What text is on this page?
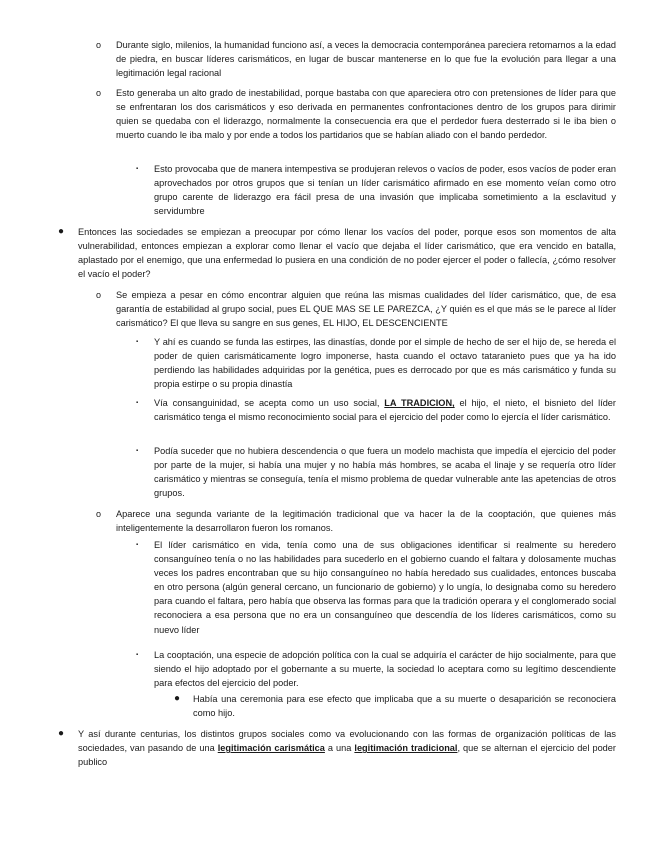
o Durante siglo, milenios, la humanidad funciono así, a veces la democracia contemporánea pareciera retomarnos a la edad de piedra, en buscar líderes carismáticos, en lugar de buscar mantenerse en lo que fue la evolución para llegar a una legitimación legal racional

o Esto generaba un alto grado de inestabilidad, porque bastaba con que apareciera otro con pretensiones de líder para que se enfrentaran los dos carismáticos y eso derivada en permanentes confrontaciones dentro de los grupos para dirimir quien se quedaba con el liderazgo, normalmente la consecuencia era que el perdedor fuera desterrado si le iba bien o muerto cuando le iba malo y por ende a todos los partidarios que se habían aliado con el bando perdedor.

▪ Esto provocaba que de manera intempestiva se produjeran relevos o vacíos de poder, esos vacíos de poder eran aprovechados por otros grupos que si tenían un líder carismático afirmado en ese momento veían como otro grupo carente de liderazgo era fácil presa de una invasión que implicaba sometimiento a la esclavitud y servidumbre

● Entonces las sociedades se empiezan a preocupar por cómo llenar los vacíos del poder, porque esos son momentos de alta vulnerabilidad, entonces empiezan a explorar como llenar el vacío que dejaba el líder carismático, que era vencido en batalla, aplastado por el enemigo, que una enfermedad lo pusiera en una condición de no poder ejercer el poder o fallecía, ¿cómo resolver el vacío el poder?

o Se empieza a pesar en cómo encontrar alguien que reúna las mismas cualidades del líder carismático, que, de esa garantía de estabilidad al grupo social, pues EL QUE MAS SE LE PAREZCA, ¿Y quién es el que más se le parece al líder carismático? El que lleva su sangre en sus genes, EL HIJO, EL DESCENCIENTE

▪ Y ahí es cuando se funda las estirpes, las dinastías, donde por el simple de hecho de ser el hijo de, se hereda el poder de quien carismáticamente logro imponerse, hasta cuando el octavo tataranieto pues que ya ha ido perdiendo las habilidades adquiridas por la genética, pues es derrocado por que es más carismático y funda su propia estirpe o su propia dinastía

▪ Vía consanguinidad, se acepta como un uso social, LA TRADICION, el hijo, el nieto, el bisnieto del líder carismático tenga el mismo reconocimiento social para el ejercicio del poder como lo ejercía el líder carismático.

▪ Podía suceder que no hubiera descendencia o que fuera un modelo machista que impedía el ejercicio del poder por parte de la mujer, si había una mujer y no había más hombres, se acaba el linaje y se requería otro líder carismático y mientras se conseguía, tenía el mismo problema de quedar vulnerable ante las apetencias de otros grupos.

o Aparece una segunda variante de la legitimación tradicional que va hacer la de la cooptación, que quienes más inteligentemente la desarrollaron fueron los romanos.

▪ El líder carismático en vida, tenía como una de sus obligaciones identificar si realmente su heredero consanguíneo tenía o no las habilidades para sucederlo en el gobierno cuando el faltara y dolosamente muchas veces los padres encontraban que su hijo consanguíneo no había heredado sus cualidades, entonces buscaba en otro persona (algún general cercano, un funcionario de gobierno) y lo ungía, lo designaba como su heredero para cuando el faltara, pero había que observa las formas para que la tradición operara y el conglomerado social reconociera a esa persona que no era un consanguíneo que descendía de los líderes carismáticos, como su nuevo líder

▪ La cooptación, una especie de adopción política con la cual se adquiría el carácter de hijo socialmente, para que siendo el hijo adoptado por el gobernante a su muerte, la sociedad lo aceptara como su legítimo descendiente para efectos del ejercicio del poder.

● Había una ceremonia para ese efecto que implicaba que a su muerte o desaparición se reconociera como hijo.

● Y así durante centurias, los distintos grupos sociales como va evolucionando con las formas de organización políticas de las sociedades, van pasando de una legitimación carismática a una legitimación tradicional, que se alternan el ejercicio del poder publico
